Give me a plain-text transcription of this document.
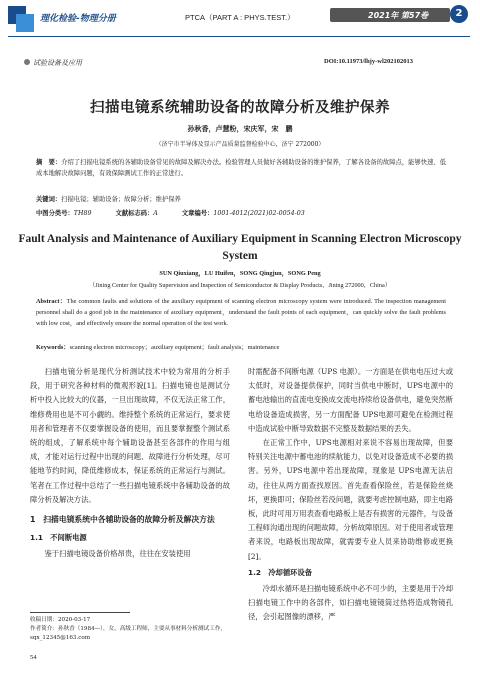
理化检验-物理分册	PTCA（PART A : PHYS.TEST.）	2021年 第57卷	2
试验设备及应用	DOI:10.11973/lhjy-wl202102013
扫描电镜系统辅助设备的故障分析及维护保养
孙秋香，卢慧粉，宋庆军，宋　鹏
（济宁市半导体及显示产品质量监督检验中心，济宁 272000）
摘　要：介绍了扫描电镜系统的各辅助设备常见的故障及解决办法。检验管理人员做好各辅助设备的维护保养，了解各设备的故障点，能够快速、低成本地解决故障问题，有效保障测试工作的正常进行。
关键词：扫描电镜；辅助设备；故障分析；维护保养
中图分类号：TH89	文献标志码：A	文章编号：1001-4012(2021)02-0054-03
Fault Analysis and Maintenance of Auxiliary Equipment in Scanning Electron Microscopy System
SUN Qiuxiang，LU Huifen，SONG Qingjun，SONG Peng
（Jining Center for Quality Supervision and Inspection of Semiconductor & Display Products，Jining 272000，China）
Abstract：The common faults and solutions of the auxiliary equipment of scanning electron microscopy system were introduced. The inspection management personnel shall do a good job in the maintenance of auxiliary equipment，understand the fault points of each equipment，can quickly solve the fault problems with low cost，and effectively ensure the normal operation of the test work.
Keywords：scanning electron microscopy；auxiliary equipment；fault analysis；maintenance

扫描电镜分析是现代分析测试技术中较为常用的分析手段，用于研究各种材料的微观形貌[1]。扫描电镜也是测试分析中投入比较大的仪器，一旦出现故障，不仅无法正常工作，维修费用也是不可小觑的。维持整个系统的正常运行，要求使用者和管理者不仅要掌握设备的使用，而且要掌握整个测试系统的组成，了解系统中每个辅助设备甚至各部件的作用与组成，才能对运行过程中出现的问题、故障进行分析处理，尽可能地节约时间，降低维修成本，保证系统的正常运行与测试。笔者在工作过程中总结了一些扫描电镜系统中各辅助设备的故障分析及解决方法。

1　扫描电镜系统中各辅助设备的故障分析及解决方法
1.1　不间断电源

鉴于扫描电镜设备价格昂贵，往往在安装使用

时需配备不间断电源（UPS 电源）。一方面是在供电电压过大或太低时，对设备提供保护，同时当供电中断时，UPS电源中的蓄电池输出的直流电变换成交流电持续给设备供电，避免突然断电给设备造成损害，另一方面配备 UPS电源可避免在检测过程中造成试验中断导致数据不完整及数据结果的丢失。

在正常工作中，UPS电源相对来说不容易出现故障，但要特别关注电源中蓄电池的续航能力，以免对设备造成不必要的损害。另外，UPS电源中若出现故障，现象是 UPS电源无法启动，往往从两方面查找原因。首先查看保险丝，若是保险丝烧坏，更换即可；保险丝若没问题，就要考虑控制电路，即主电路板，此时可用万用表查看电路板上是否有损害的元器件，与设备工程师沟通出现的问题故障，分析故障原因。对于使用者或管理者来说，电路板出现故障，就需要专业人员来协助维修或更换[2]。

1.2　冷却循环设备

冷却水循环是扫描电镜系统中必不可少的，主要是用于冷却扫描电镜工作中的各部件，如扫描电镜镜筒过热将造成物镜孔径，会引起图像的漂移，严

收稿日期：2020-03-17
作者简介：孙秋香（1984—），女，高级工程师，主要从事材料分析测试工作，sqx_12345@163.com
54
